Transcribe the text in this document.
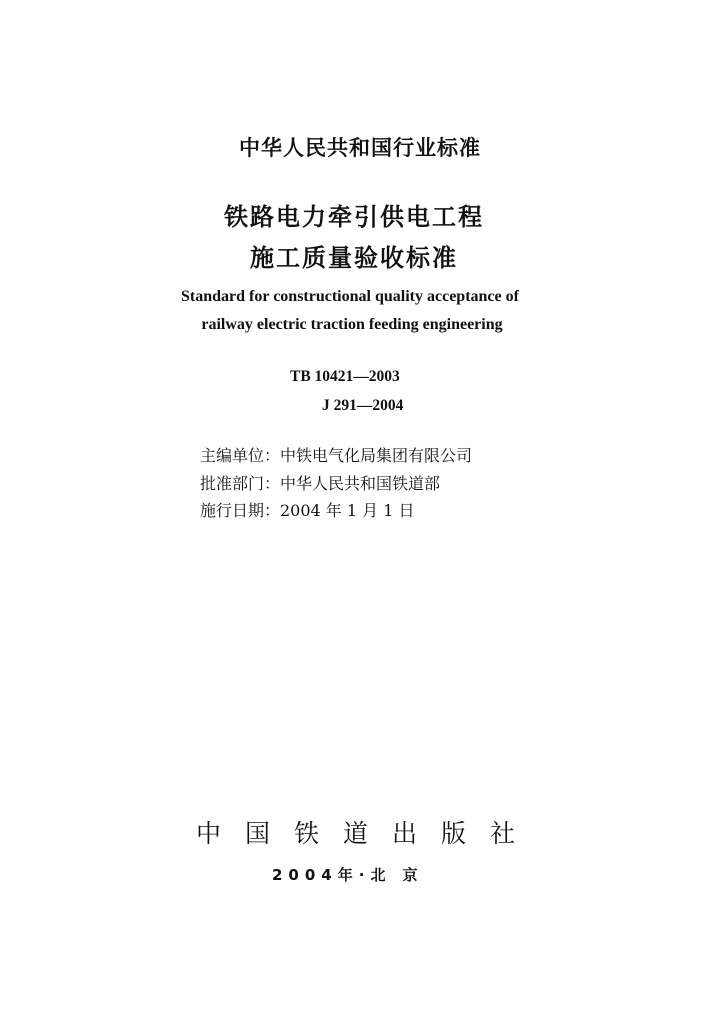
中华人民共和国行业标准
铁路电力牵引供电工程
施工质量验收标准
Standard for constructional quality acceptance of
railway electric traction feeding engineering
TB 10421—2003
J 291—2004
主编单位：中铁电气化局集团有限公司
批准部门：中华人民共和国铁道部
施行日期：2004 年 1 月 1 日
中国铁道出版社
2004年·北 京
